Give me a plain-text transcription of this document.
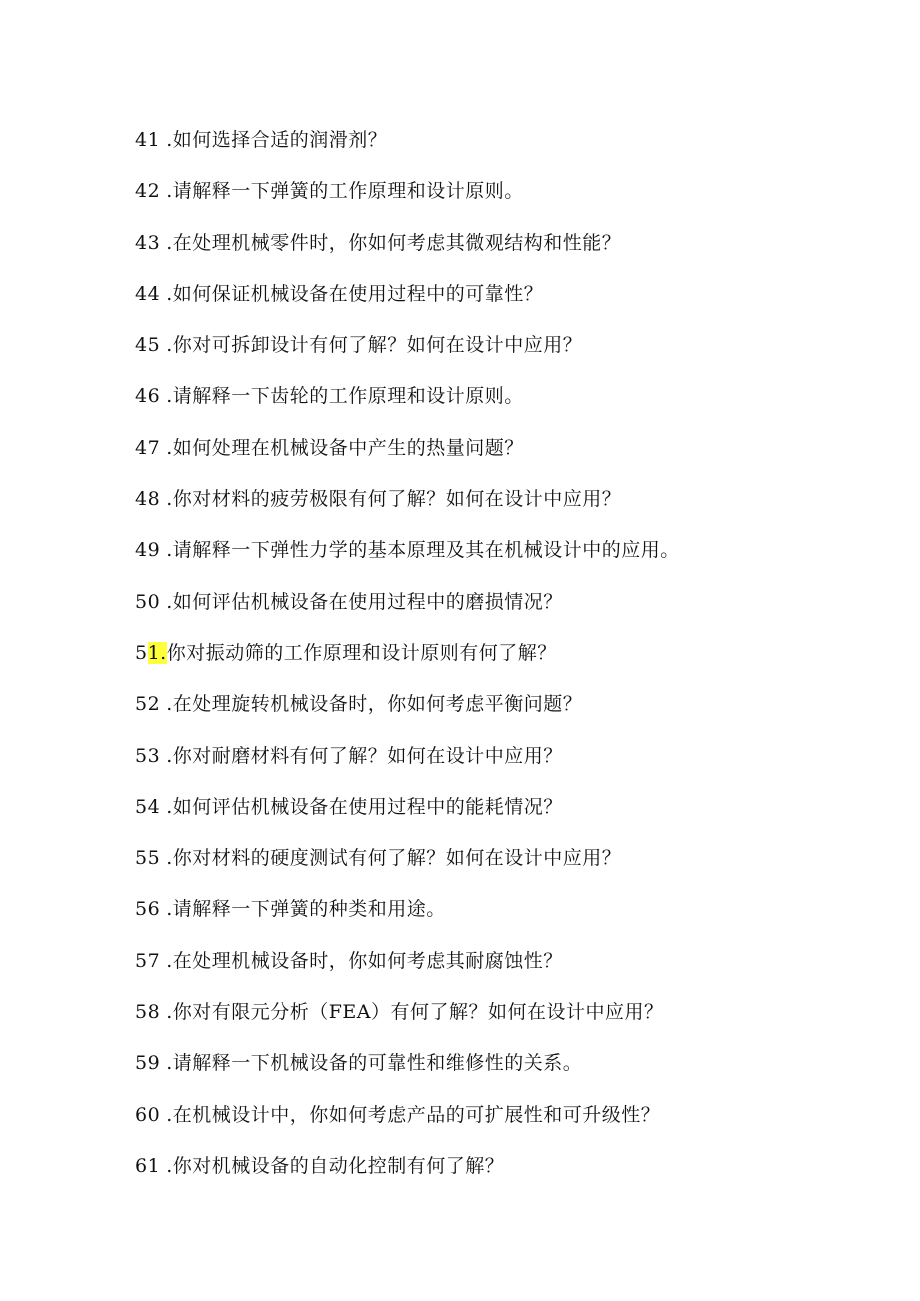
41 .如何选择合适的润滑剂？
42 .请解释一下弹簧的工作原理和设计原则。
43 .在处理机械零件时，你如何考虑其微观结构和性能？
44 .如何保证机械设备在使用过程中的可靠性？
45 .你对可拆卸设计有何了解？如何在设计中应用？
46 .请解释一下齿轮的工作原理和设计原则。
47 .如何处理在机械设备中产生的热量问题？
48 .你对材料的疲劳极限有何了解？如何在设计中应用？
49 .请解释一下弹性力学的基本原理及其在机械设计中的应用。
50 .如何评估机械设备在使用过程中的磨损情况？
51.你对振动筛的工作原理和设计原则有何了解？
52 .在处理旋转机械设备时，你如何考虑平衡问题？
53 .你对耐磨材料有何了解？如何在设计中应用？
54 .如何评估机械设备在使用过程中的能耗情况？
55 .你对材料的硬度测试有何了解？如何在设计中应用？
56 .请解释一下弹簧的种类和用途。
57 .在处理机械设备时，你如何考虑其耐腐蚀性？
58 .你对有限元分析（FEA）有何了解？如何在设计中应用？
59 .请解释一下机械设备的可靠性和维修性的关系。
60 .在机械设计中，你如何考虑产品的可扩展性和可升级性？
61 .你对机械设备的自动化控制有何了解？
